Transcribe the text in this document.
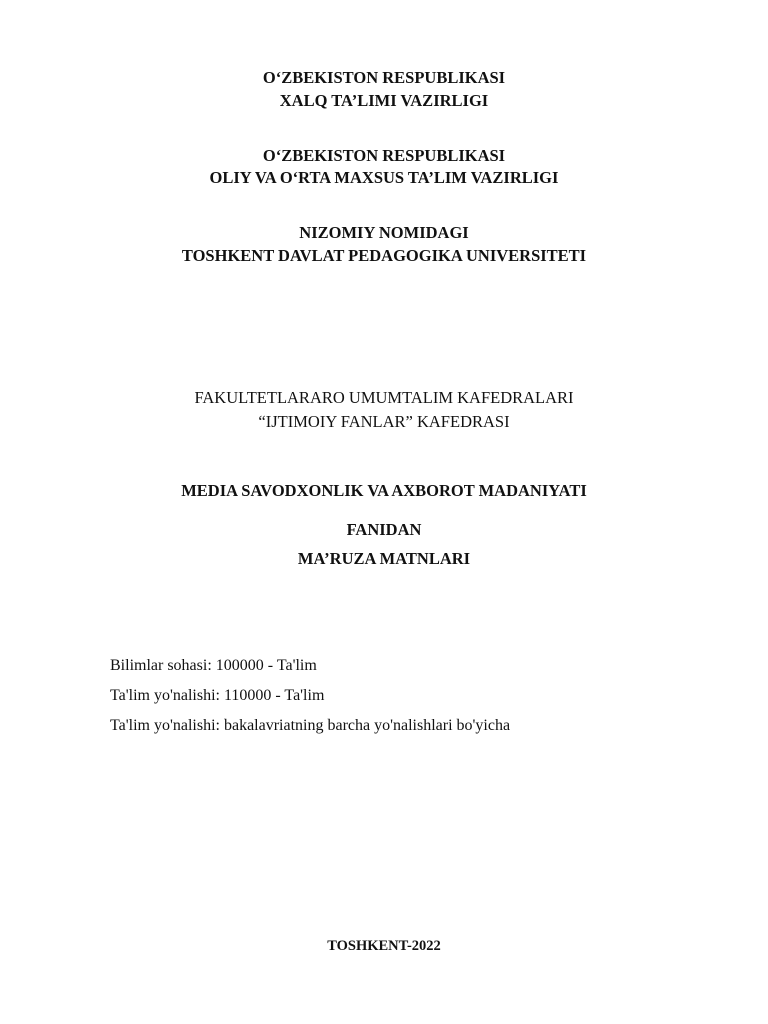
O‘ZBEKISTON RESPUBLIKASI
XALQ TA’LIMI VAZIRLIGI
O‘ZBEKISTON RESPUBLIKASI
OLIY VA O‘RTA MAXSUS TA’LIM VAZIRLIGI
NIZOMIY NOMIDAGI
TOSHKENT DAVLAT PEDAGOGIKA UNIVERSITETI
FAKULTETLARARO UMUMTALIM KAFEDRALARI
“IJTIMOIY FANLAR” KAFEDRASI
MEDIA SAVODXONLIK VA AXBOROT MADANIYATI
FANIDAN
MA’RUZA MATNLARI
Bilimlar sohasi: 100000 - Ta'lim
Ta'lim yo'nalishi: 110000 - Ta'lim
Ta'lim yo'nalishi: bakalavriatning barcha yo'nalishlari bo'yicha
TOSHKENT-2022
